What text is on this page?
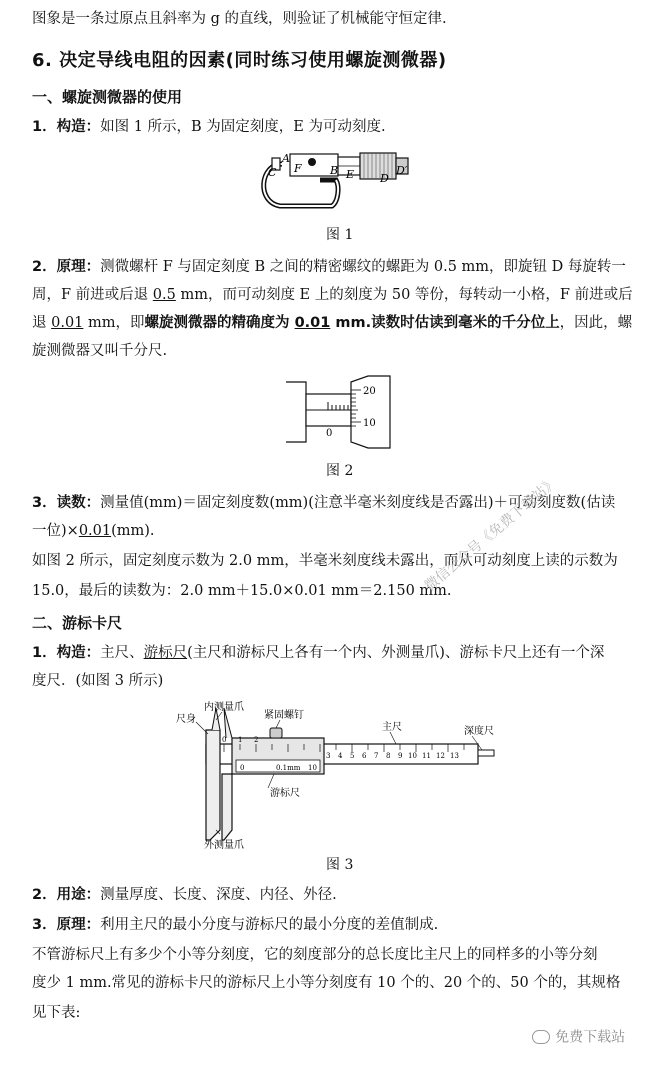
图象是一条过原点且斜率为 g 的直线，则验证了机械能守恒定律.
6. 决定导线电阻的因素(同时练习使用螺旋测微器)
一、螺旋测微器的使用
1．构造：如图 1 所示，B 为固定刻度，E 为可动刻度.
A
C F	B E D
D′
图 1
2．原理：测微螺杆 F 与固定刻度 B 之间的精密螺纹的螺距为 0.5 mm，即旋钮 D 每旋转一
周，F 前进或后退 0.5 mm，而可动刻度 E 上的刻度为 50 等份，每转动一小格，F 前进或后
退 0.01 mm，即螺旋测微器的精确度为 0.01 mm.读数时估读到毫米的千分位上，因此，螺
旋测微器又叫千分尺.
20
10
0
图 2
3．读数：测量值(mm)＝固定刻度数(mm)(注意半毫米刻度线是否露出)＋可动刻度数(估读
一位)×0.01(mm).
如图 2 所示，固定刻度示数为 2.0 mm，半毫米刻度线未露出，而从可动刻度上读的示数为
15.0，最后的读数为：2.0 mm＋15.0×0.01 mm＝2.150 mm.
二、游标卡尺
1．构造：主尺、游标尺(主尺和游标尺上各有一个内、外测量爪)、游标卡尺上还有一个深
度尺．(如图 3 所示)
0 1 2
3 4 5 6 7 8 9 10 11 12 13
0	10
0.1mm
内测量爪
尺身	紧固螺钉
主尺	深度尺
游标尺
外测量爪
图 3
2．用途：测量厚度、长度、深度、内径、外径.
3．原理：利用主尺的最小分度与游标尺的最小分度的差值制成.
不管游标尺上有多少个小等分刻度，它的刻度部分的总长度比主尺上的同样多的小等分刻
度少 1 mm.常见的游标卡尺的游标尺上小等分刻度有 10 个的、20 个的、50 个的，其规格
见下表:
微信公众号《免费下载站》
免费下载站
